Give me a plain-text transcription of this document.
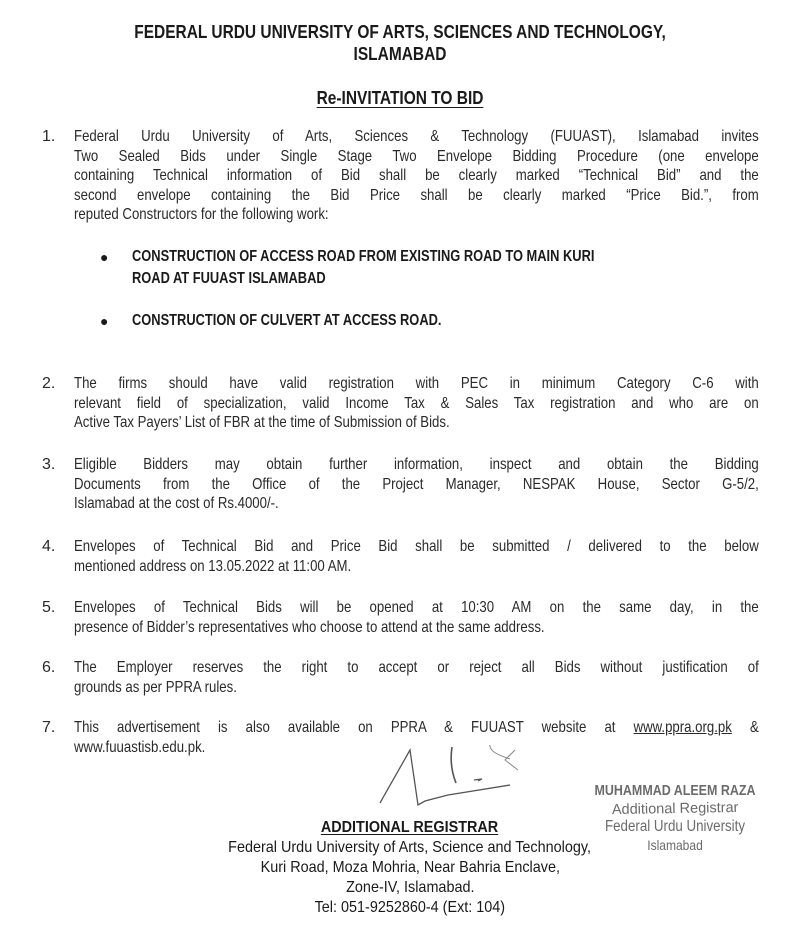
FEDERAL URDU UNIVERSITY OF ARTS, SCIENCES AND TECHNOLOGY,
ISLAMABAD
Re-INVITATION TO BID
1. Federal Urdu University of Arts, Sciences & Technology (FUUAST), Islamabad invites
Two Sealed Bids under Single Stage Two Envelope Bidding Procedure (one envelope
containing Technical information of Bid shall be clearly marked “Technical Bid” and the
second envelope containing the Bid Price shall be clearly marked “Price Bid.”, from
reputed Constructors for the following work:
● CONSTRUCTION OF ACCESS ROAD FROM EXISTING ROAD TO MAIN KURI
ROAD AT FUUAST ISLAMABAD
● CONSTRUCTION OF CULVERT AT ACCESS ROAD.
2. The firms should have valid registration with PEC in minimum Category C-6 with
relevant field of specialization, valid Income Tax & Sales Tax registration and who are on
Active Tax Payers’ List of FBR at the time of Submission of Bids.
3. Eligible Bidders may obtain further information, inspect and obtain the Bidding
Documents from the Office of the Project Manager, NESPAK House, Sector G-5/2,
Islamabad at the cost of Rs.4000/-.
4. Envelopes of Technical Bid and Price Bid shall be submitted / delivered to the below
mentioned address on 13.05.2022 at 11:00 AM.
5. Envelopes of Technical Bids will be opened at 10:30 AM on the same day, in the
presence of Bidder’s representatives who choose to attend at the same address.
6. The Employer reserves the right to accept or reject all Bids without justification of
grounds as per PPRA rules.
7. This advertisement is also available on PPRA & FUUAST website at www.ppra.org.pk &
www.fuuastisb.edu.pk.
MUHAMMAD ALEEM RAZA
Additional Registrar
Federal Urdu University
Islamabad
ADDITIONAL REGISTRAR
Federal Urdu University of Arts, Science and Technology,
Kuri Road, Moza Mohria, Near Bahria Enclave,
Zone-IV, Islamabad.
Tel: 051-9252860-4 (Ext: 104)
